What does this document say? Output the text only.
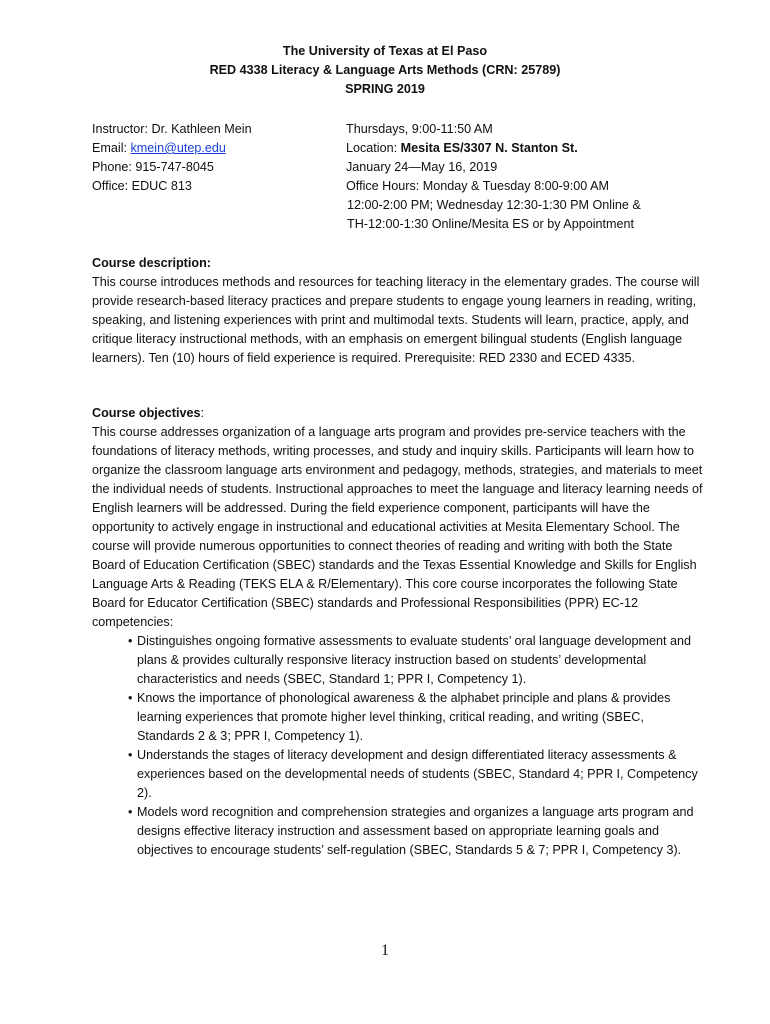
The University of Texas at El Paso
RED 4338 Literacy & Language Arts Methods (CRN: 25789)
SPRING 2019
Instructor: Dr. Kathleen Mein
Email: kmein@utep.edu
Phone: 915-747-8045
Office: EDUC 813
Thursdays, 9:00-11:50 AM
Location: Mesita ES/3307 N. Stanton St.
January 24—May 16, 2019
Office Hours: Monday & Tuesday 8:00-9:00 AM
12:00-2:00 PM; Wednesday 12:30-1:30 PM Online &
TH-12:00-1:30 Online/Mesita ES or by Appointment
Course description:

This course introduces methods and resources for teaching literacy in the elementary grades. The course will provide research-based literacy practices and prepare students to engage young learners in reading, writing, speaking, and listening experiences with print and multimodal texts. Students will learn, practice, apply, and critique literacy instructional methods, with an emphasis on emergent bilingual students (English language learners). Ten (10) hours of field experience is required. Prerequisite: RED 2330 and ECED 4335.

Course objectives:

This course addresses organization of a language arts program and provides pre-service teachers with the foundations of literacy methods, writing processes, and study and inquiry skills. Participants will learn how to organize the classroom language arts environment and pedagogy, methods, strategies, and materials to meet the individual needs of students. Instructional approaches to meet the language and literacy learning needs of English learners will be addressed. During the field experience component, participants will have the opportunity to actively engage in instructional and educational activities at Mesita Elementary School. The course will provide numerous opportunities to connect theories of reading and writing with both the State Board of Education Certification (SBEC) standards and the Texas Essential Knowledge and Skills for English Language Arts & Reading (TEKS ELA & R/Elementary). This core course incorporates the following State Board for Educator Certification (SBEC) standards and Professional Responsibilities (PPR) EC-12 competencies:

• Distinguishes ongoing formative assessments to evaluate students’ oral language development and plans & provides culturally responsive literacy instruction based on students’ developmental characteristics and needs (SBEC, Standard 1; PPR I, Competency 1).
• Knows the importance of phonological awareness & the alphabet principle and plans & provides learning experiences that promote higher level thinking, critical reading, and writing (SBEC, Standards 2 & 3; PPR I, Competency 1).
• Understands the stages of literacy development and design differentiated literacy assessments & experiences based on the developmental needs of students (SBEC, Standard 4; PPR I, Competency 2).
• Models word recognition and comprehension strategies and organizes a language arts program and designs effective literacy instruction and assessment based on appropriate learning goals and objectives to encourage students’ self-regulation (SBEC, Standards 5 & 7; PPR I, Competency 3).
1
